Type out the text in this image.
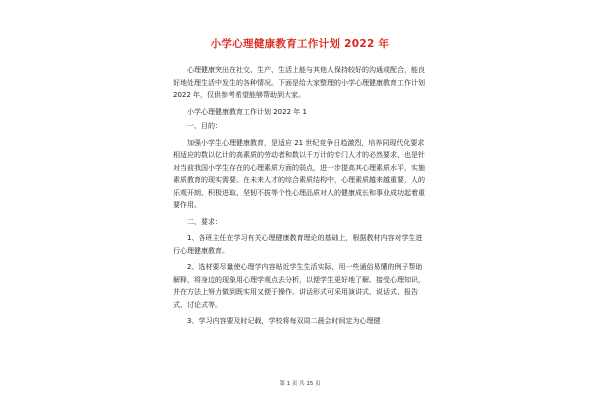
小学心理健康教育工作计划 2022 年

心理健康突出在社交、生产、生活上能与其他人保持较好的沟通或配合，能良好地处理生活中发生的各种情况。下面是给大家整理的小学心理健康教育工作计划 2022 年，仅供参考希望能够帮助到大家。

小学心理健康教育工作计划 2022 年 1

一、目的：

加强小学生心理健康教育，是适应 21 世纪竞争日趋激烈，培养同现代化要求相适应的数以亿计的高素质的劳动者和数以千万计的专门人才的必然要求，也是针对当前我国小学生存在的心理素质方面的弱点，进一步提高其心理素质水平，实施素质教育的现实需要。在未来人才的综合素质结构中，心理素质越来越重要，人的乐观开朗、积极进取、坚韧不拔等个性心理品质对人的健康成长和事业成功起着重要作用。

二、要求：

1、各班主任在学习有关心理健康教育理论的基础上，根据教材内容对学生进行心理健康教育。

2、选材要尽量使心理学内容贴近学生生活实际，用一些通俗易懂的例子帮助解释，将身边的现象用心理学观点去分析，以便学生更好地了解、接受心理知识，并在方法上努力做到既实用又便于操作。讲话形式可采用演讲式、说话式、报告式、讨论式等。

3、学习内容要及时记载，学校将每双周二晨会时间定为心理健

第 1 页 共 15 页
